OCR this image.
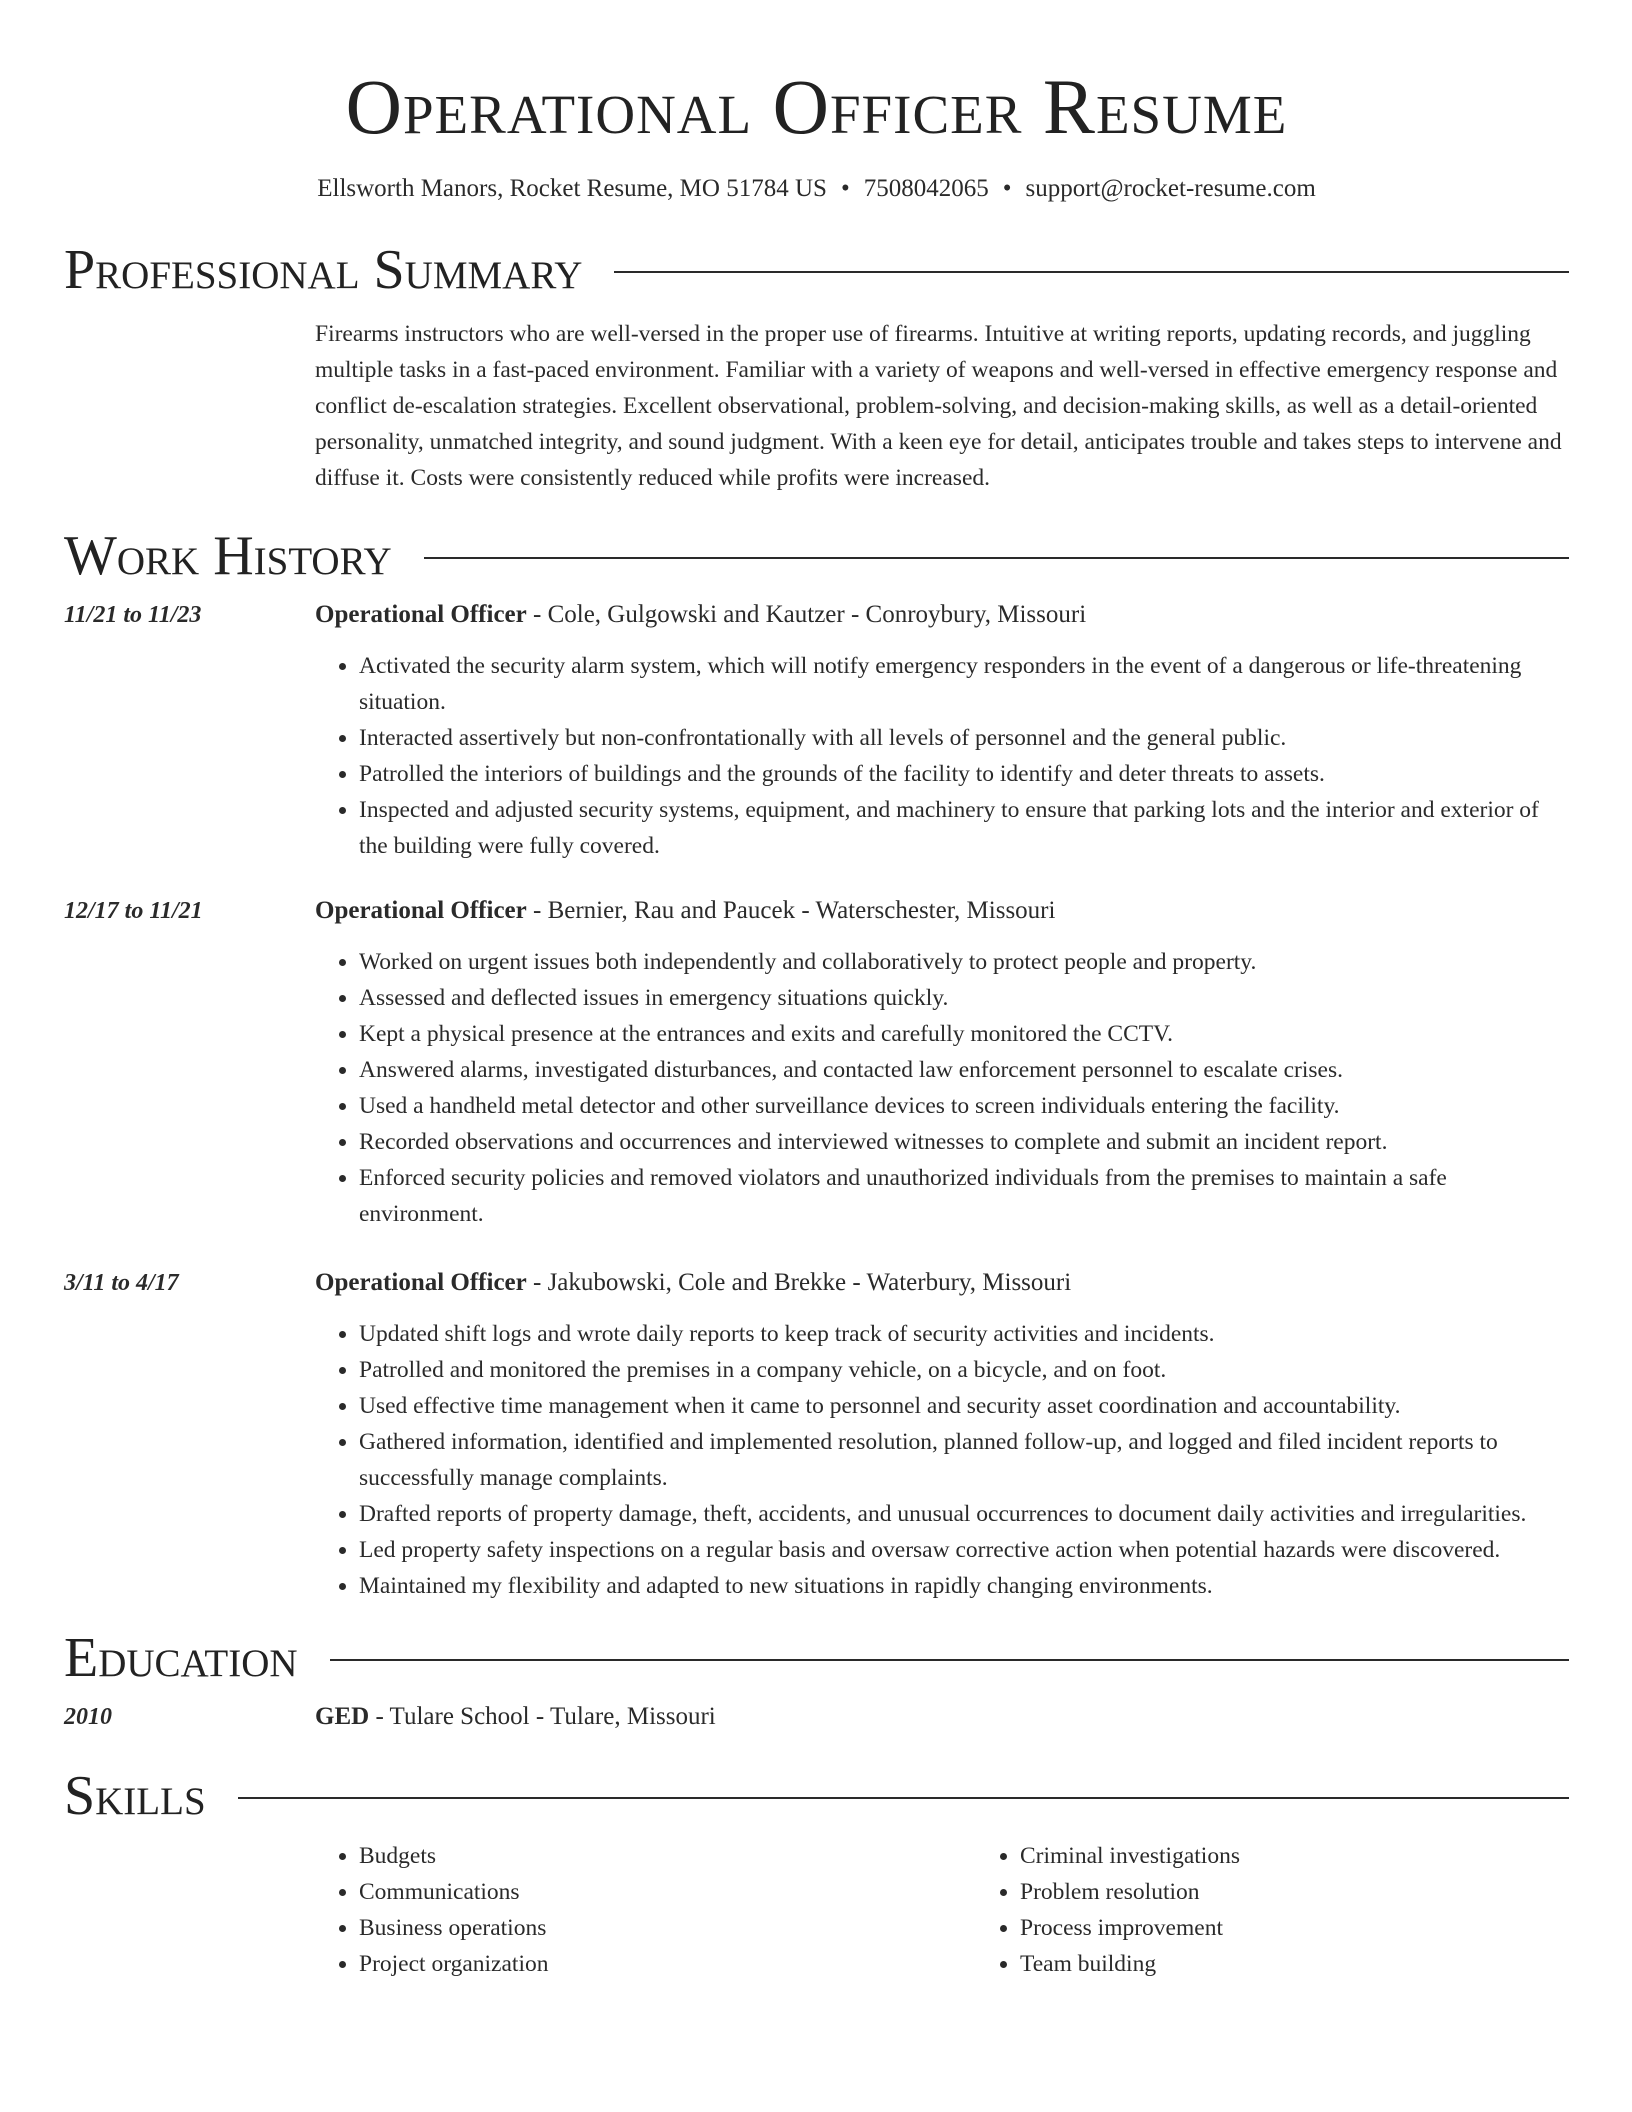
Operational Officer Resume
Ellsworth Manors, Rocket Resume, MO 51784 US • 7508042065 • support@rocket-resume.com
Professional Summary
Firearms instructors who are well-versed in the proper use of firearms. Intuitive at writing reports, updating records, and juggling multiple tasks in a fast-paced environment. Familiar with a variety of weapons and well-versed in effective emergency response and conflict de-escalation strategies. Excellent observational, problem-solving, and decision-making skills, as well as a detail-oriented personality, unmatched integrity, and sound judgment. With a keen eye for detail, anticipates trouble and takes steps to intervene and diffuse it. Costs were consistently reduced while profits were increased.
Work History
11/21 to 11/23	Operational Officer - Cole, Gulgowski and Kautzer - Conroybury, Missouri
• Activated the security alarm system, which will notify emergency responders in the event of a dangerous or life-threatening situation.
• Interacted assertively but non-confrontationally with all levels of personnel and the general public.
• Patrolled the interiors of buildings and the grounds of the facility to identify and deter threats to assets.
• Inspected and adjusted security systems, equipment, and machinery to ensure that parking lots and the interior and exterior of the building were fully covered.
12/17 to 11/21	Operational Officer - Bernier, Rau and Paucek - Waterschester, Missouri
• Worked on urgent issues both independently and collaboratively to protect people and property.
• Assessed and deflected issues in emergency situations quickly.
• Kept a physical presence at the entrances and exits and carefully monitored the CCTV.
• Answered alarms, investigated disturbances, and contacted law enforcement personnel to escalate crises.
• Used a handheld metal detector and other surveillance devices to screen individuals entering the facility.
• Recorded observations and occurrences and interviewed witnesses to complete and submit an incident report.
• Enforced security policies and removed violators and unauthorized individuals from the premises to maintain a safe environment.
3/11 to 4/17	Operational Officer - Jakubowski, Cole and Brekke - Waterbury, Missouri
• Updated shift logs and wrote daily reports to keep track of security activities and incidents.
• Patrolled and monitored the premises in a company vehicle, on a bicycle, and on foot.
• Used effective time management when it came to personnel and security asset coordination and accountability.
• Gathered information, identified and implemented resolution, planned follow-up, and logged and filed incident reports to successfully manage complaints.
• Drafted reports of property damage, theft, accidents, and unusual occurrences to document daily activities and irregularities.
• Led property safety inspections on a regular basis and oversaw corrective action when potential hazards were discovered.
• Maintained my flexibility and adapted to new situations in rapidly changing environments.
Education
2010	GED - Tulare School - Tulare, Missouri
Skills
• Budgets
• Communications
• Business operations
• Project organization
• Criminal investigations
• Problem resolution
• Process improvement
• Team building
